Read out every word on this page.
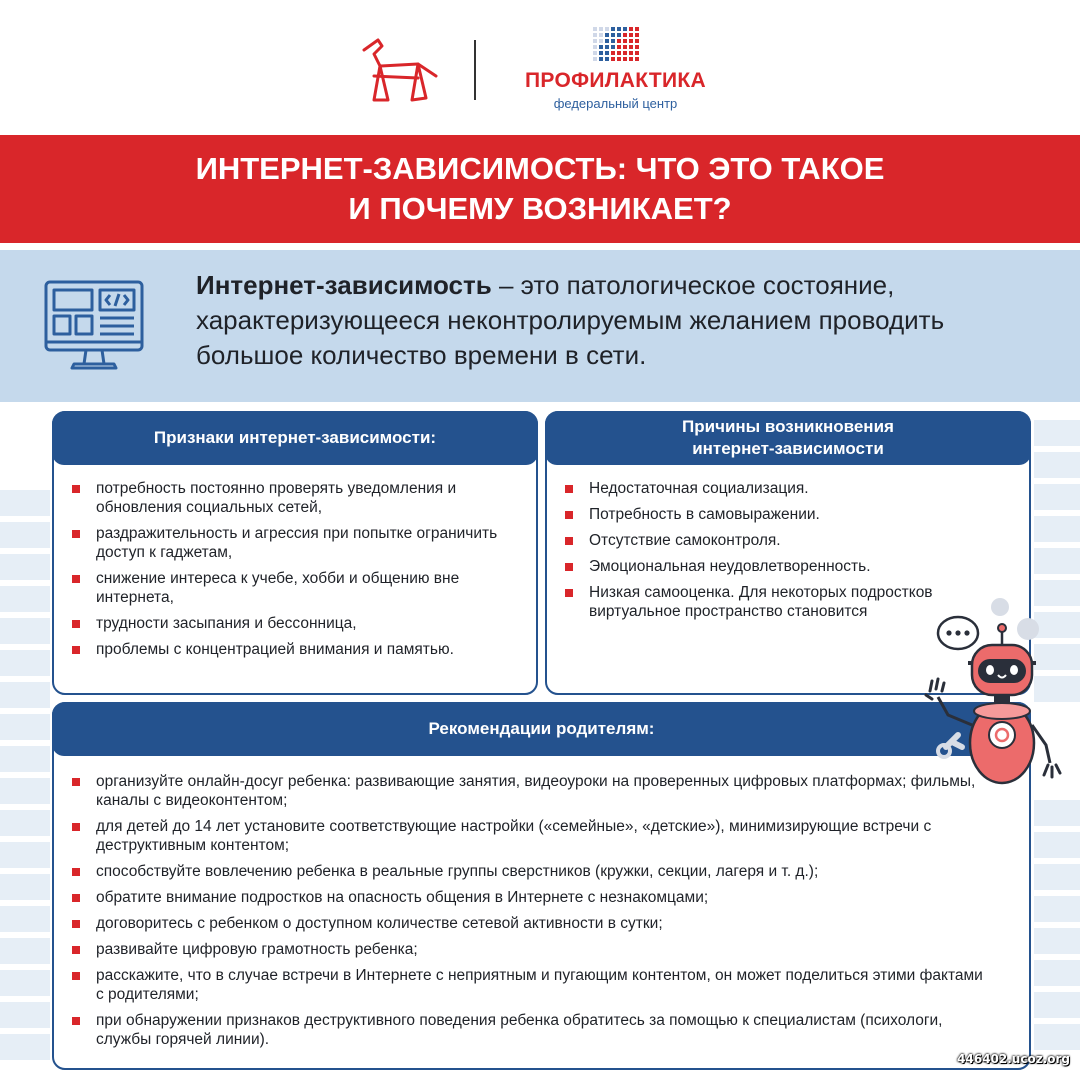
ПРОФИЛАКТИКА
федеральный центр
ИНТЕРНЕТ-ЗАВИСИМОСТЬ: ЧТО ЭТО ТАКОЕ
И ПОЧЕМУ ВОЗНИКАЕТ?
Интернет-зависимость – это патологическое состояние, характеризующееся неконтролируемым желанием проводить большое количество времени в сети.
Признаки интернет-зависимости:
потребность постоянно проверять уведомления и обновления социальных сетей,
раздражительность и агрессия при попытке ограничить доступ к гаджетам,
снижение интереса к учебе, хобби и общению вне интернета,
трудности засыпания и бессонница,
проблемы с концентрацией внимания и памятью.
Причины возникновения
интернет-зависимости
Недостаточная социализация.
Потребность в самовыражении.
Отсутствие самоконтроля.
Эмоциональная неудовлетворенность.
Низкая самооценка. Для некоторых подростков виртуальное пространство становится
Рекомендации родителям:
организуйте онлайн-досуг ребенка: развивающие занятия, видеоуроки на проверенных цифровых платформах; фильмы, каналы с видеоконтентом;
для детей до 14 лет установите соответствующие настройки («семейные», «детские»), минимизирующие встречи с деструктивным контентом;
способствуйте вовлечению ребенка в реальные группы сверстников (кружки, секции, лагеря и т. д.);
обратите внимание подростков на опасность общения в Интернете с незнакомцами;
договоритесь с ребенком о доступном количестве сетевой активности в сутки;
развивайте цифровую грамотность ребенка;
расскажите, что в случае встречи в Интернете с неприятным и пугающим контентом, он может поделиться этими фактами с родителями;
при обнаружении признаков деструктивного поведения ребенка обратитесь за помощью к специалистам (психологи, службы горячей линии).
446402.ucoz.org
